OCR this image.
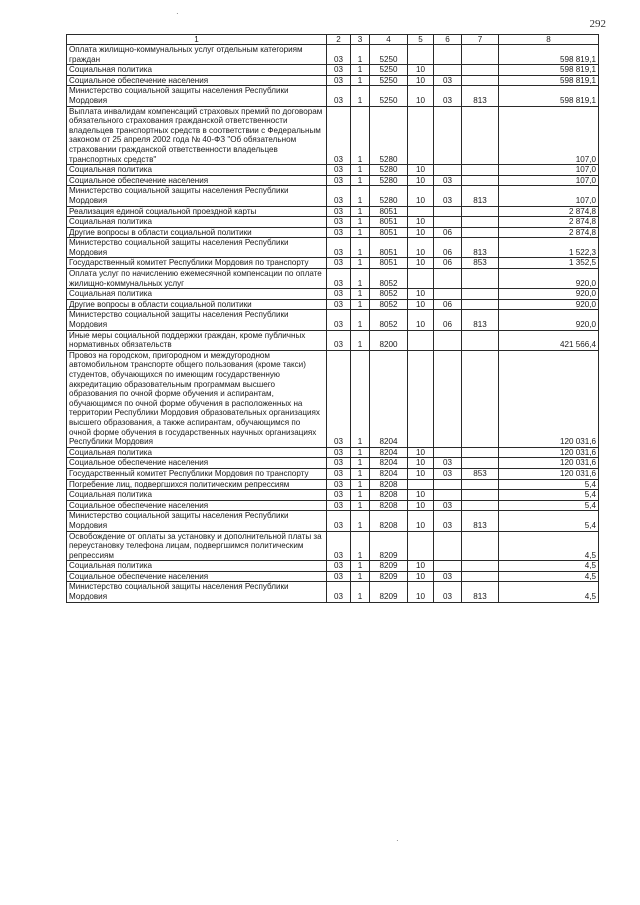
292
1	2	3	4	5	6	7	8
Оплата жилищно-коммунальных услуг отдельным категориям граждан	03	1	5250				598 819,1
Социальная политика	03	1	5250	10			598 819,1
Социальное обеспечение населения	03	1	5250	10	03		598 819,1
Министерство социальной защиты населения Республики Мордовия	03	1	5250	10	03	813	598 819,1
Выплата инвалидам компенсаций страховых премий по договорам обязательного страхования гражданской ответственности владельцев транспортных средств в соответствии с Федеральным законом от 25 апреля 2002 года № 40-ФЗ "Об обязательном страховании гражданской ответственности владельцев транспортных средств"	03	1	5280				107,0
Социальная политика	03	1	5280	10			107,0
Социальное обеспечение населения	03	1	5280	10	03		107,0
Министерство социальной защиты населения Республики Мордовия	03	1	5280	10	03	813	107,0
Реализация единой социальной проездной карты	03	1	8051				2 874,8
Социальная политика	03	1	8051	10			2 874,8
Другие вопросы в области социальной политики	03	1	8051	10	06		2 874,8
Министерство социальной защиты населения Республики Мордовия	03	1	8051	10	06	813	1 522,3
Государственный комитет Республики Мордовия по транспорту	03	1	8051	10	06	853	1 352,5
Оплата услуг по начислению ежемесячной компенсации по оплате жилищно-коммунальных услуг	03	1	8052				920,0
Социальная политика	03	1	8052	10			920,0
Другие вопросы в области социальной политики	03	1	8052	10	06		920,0
Министерство социальной защиты населения Республики Мордовия	03	1	8052	10	06	813	920,0
Иные меры социальной поддержки граждан, кроме публичных нормативных обязательств	03	1	8200				421 566,4
Провоз на городском, пригородном и междугородном автомобильном транспорте общего пользования (кроме такси) студентов, обучающихся по имеющим государственную аккредитацию образовательным программам высшего образования по очной форме обучения и аспирантам, обучающимся по очной форме обучения в расположенных на территории Республики Мордовия образовательных организациях высшего образования, а также аспирантам, обучающимся по очной форме обучения в государственных научных организациях Республики Мордовия	03	1	8204				120 031,6
Социальная политика	03	1	8204	10			120 031,6
Социальное обеспечение населения	03	1	8204	10	03		120 031,6
Государственный комитет Республики Мордовия по транспорту	03	1	8204	10	03	853	120 031,6
Погребение лиц, подвергшихся политическим репрессиям	03	1	8208				5,4
Социальная политика	03	1	8208	10			5,4
Социальное обеспечение населения	03	1	8208	10	03		5,4
Министерство социальной защиты населения Республики Мордовия	03	1	8208	10	03	813	5,4
Освобождение от оплаты за установку и дополнительной платы за переустановку телефона лицам, подвергшимся политическим репрессиям	03	1	8209				4,5
Социальная политика	03	1	8209	10			4,5
Социальное обеспечение населения	03	1	8209	10	03		4,5
Министерство социальной защиты населения Республики Мордовия	03	1	8209	10	03	813	4,5
·
·
